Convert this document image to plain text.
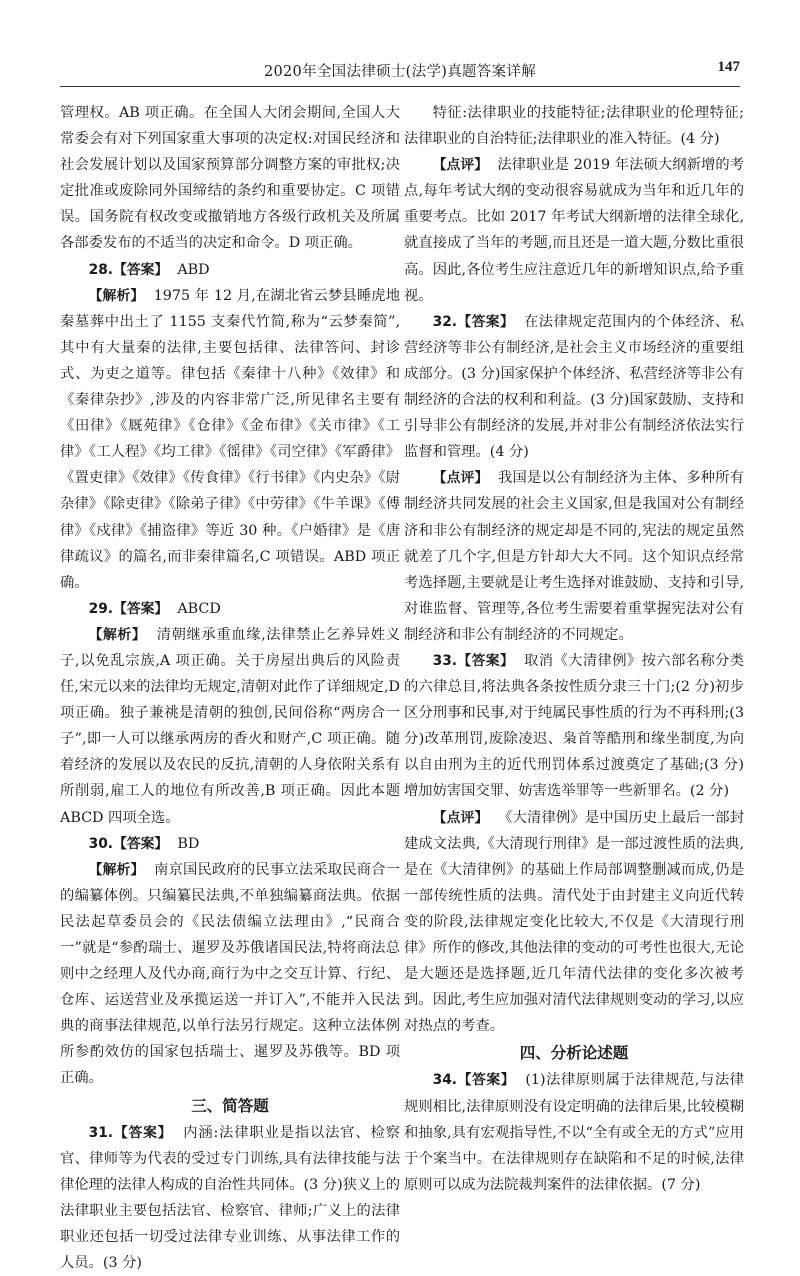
2020年全国法律硕士(法学)真题答案详解	147

管理权。AB 项正确。在全国人大闭会期间,全国人大常委会有对下列国家重大事项的决定权:对国民经济和社会发展计划以及国家预算部分调整方案的审批权;决定批准或废除同外国缔结的条约和重要协定。C 项错误。国务院有权改变或撤销地方各级行政机关及所属各部委发布的不适当的决定和命令。D 项正确。

28.【答案】 ABD

【解析】 1975 年 12 月,在湖北省云梦县睡虎地秦墓葬中出土了 1155 支秦代竹简,称为“云梦秦简”,其中有大量秦的法律,主要包括律、法律答问、封诊式、为吏之道等。律包括《秦律十八种》《效律》和《秦律杂抄》,涉及的内容非常广泛,所见律名主要有《田律》《厩苑律》《仓律》《金布律》《关市律》《工律》《工人程》《均工律》《徭律》《司空律》《军爵律》《置吏律》《效律》《传食律》《行书律》《内史杂》《尉杂律》《除吏律》《除弟子律》《中劳律》《牛羊课》《傅律》《戍律》《捕盗律》等近 30 种。《户婚律》是《唐律疏议》的篇名,而非秦律篇名,C 项错误。ABD 项正确。

29.【答案】 ABCD

【解析】 清朝继承重血缘,法律禁止乞养异姓义子,以免乱宗族,A 项正确。关于房屋出典后的风险责任,宋元以来的法律均无规定,清朝对此作了详细规定,D 项正确。独子兼祧是清朝的独创,民间俗称“两房合一子”,即一人可以继承两房的香火和财产,C 项正确。随着经济的发展以及农民的反抗,清朝的人身依附关系有所削弱,雇工人的地位有所改善,B 项正确。因此本题 ABCD 四项全选。

30.【答案】 BD

【解析】 南京国民政府的民事立法采取民商合一的编纂体例。只编纂民法典,不单独编纂商法典。依据民法起草委员会的《民法债编立法理由》,“民商合一”就是“参酌瑞士、暹罗及苏俄诸国民法,特将商法总则中之经理人及代办商,商行为中之交互计算、行纪、仓库、运送营业及承揽运送一并订入”,不能并入民法典的商事法律规范,以单行法另行规定。这种立法体例所参酌效仿的国家包括瑞士、暹罗及苏俄等。BD 项正确。

三、简答题

31.【答案】 内涵:法律职业是指以法官、检察官、律师等为代表的受过专门训练,具有法律技能与法律伦理的法律人构成的自治性共同体。(3 分)狭义上的法律职业主要包括法官、检察官、律师;广义上的法律职业还包括一切受过法律专业训练、从事法律工作的人员。(3 分)

特征:法律职业的技能特征;法律职业的伦理特征;法律职业的自治特征;法律职业的准入特征。(4 分)

【点评】 法律职业是 2019 年法硕大纲新增的考点,每年考试大纲的变动很容易就成为当年和近几年的重要考点。比如 2017 年考试大纲新增的法律全球化,就直接成了当年的考题,而且还是一道大题,分数比重很高。因此,各位考生应注意近几年的新增知识点,给予重视。

32.【答案】 在法律规定范围内的个体经济、私营经济等非公有制经济,是社会主义市场经济的重要组成部分。(3 分)国家保护个体经济、私营经济等非公有制经济的合法的权利和利益。(3 分)国家鼓励、支持和引导非公有制经济的发展,并对非公有制经济依法实行监督和管理。(4 分)

【点评】 我国是以公有制经济为主体、多种所有制经济共同发展的社会主义国家,但是我国对公有制经济和非公有制经济的规定却是不同的,宪法的规定虽然就差了几个字,但是方针却大大不同。这个知识点经常考选择题,主要就是让考生选择对谁鼓励、支持和引导,对谁监督、管理等,各位考生需要着重掌握宪法对公有制经济和非公有制经济的不同规定。

33.【答案】 取消《大清律例》按六部名称分类的六律总目,将法典各条按性质分隶三十门;(2 分)初步区分刑事和民事,对于纯属民事性质的行为不再科刑;(3 分)改革刑罚,废除凌迟、枭首等酷刑和缘坐制度,为向以自由刑为主的近代刑罚体系过渡奠定了基础;(3 分)增加妨害国交罪、妨害选举罪等一些新罪名。(2 分)

【点评】 《大清律例》是中国历史上最后一部封建成文法典,《大清现行刑律》是一部过渡性质的法典,是在《大清律例》的基础上作局部调整删减而成,仍是一部传统性质的法典。清代处于由封建主义向近代转变的阶段,法律规定变化比较大,不仅是《大清现行刑律》所作的修改,其他法律的变动的可考性也很大,无论是大题还是选择题,近几年清代法律的变化多次被考到。因此,考生应加强对清代法律规则变动的学习,以应对热点的考查。

四、分析论述题

34.【答案】 (1)法律原则属于法律规范,与法律规则相比,法律原则没有设定明确的法律后果,比较模糊和抽象,具有宏观指导性,不以“全有或全无的方式”应用于个案当中。在法律规则存在缺陷和不足的时候,法律原则可以成为法院裁判案件的法律依据。(7 分)
